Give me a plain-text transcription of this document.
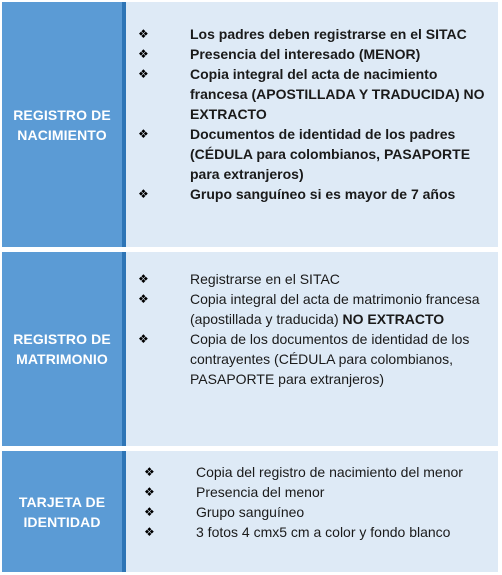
REGISTRO DE
NACIMIENTO
❖	Los padres deben registrarse en el SITAC
❖	Presencia del interesado (MENOR)
❖	Copia integral del acta de nacimiento francesa (APOSTILLADA Y TRADUCIDA) NO EXTRACTO
❖	Documentos de identidad de los padres (CÉDULA para colombianos, PASAPORTE para extranjeros)
❖	Grupo sanguíneo si es mayor de 7 años
REGISTRO DE
MATRIMONIO
❖	Registrarse en el SITAC
❖	Copia integral del acta de matrimonio francesa (apostillada y traducida) NO EXTRACTO
❖	Copia de los documentos de identidad de los contrayentes (CÉDULA para colombianos, PASAPORTE para extranjeros)
TARJETA DE
IDENTIDAD
❖	Copia del registro de nacimiento del menor
❖	Presencia del menor
❖	Grupo sanguíneo
❖	3 fotos 4 cmx5 cm a color y fondo blanco
